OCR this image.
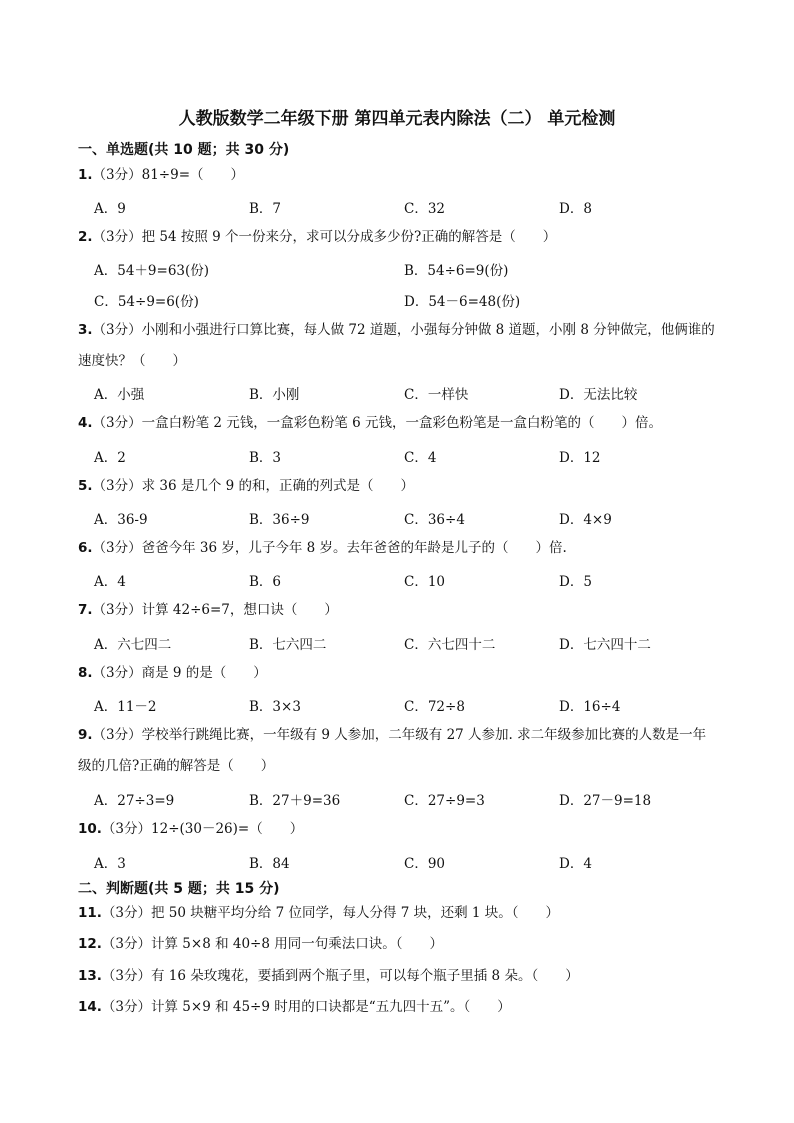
人教版数学二年级下册 第四单元表内除法（二） 单元检测
一、单选题(共 10 题；共 30 分)
1.（3分）81÷9=（　　）
A．9	B．7	C．32	D．8
2.（3分）把 54 按照 9 个一份来分，求可以分成多少份?正确的解答是（　　）
A．54＋9=63(份)	B．54÷6=9(份)
C．54÷9=6(份)	D．54－6=48(份)
3.（3分）小刚和小强进行口算比赛，每人做 72 道题，小强每分钟做 8 道题，小刚 8 分钟做完，他俩谁的速度快？（　　）
A．小强	B．小刚	C．一样快	D．无法比较
4.（3分）一盒白粉笔 2 元钱，一盒彩色粉笔 6 元钱，一盒彩色粉笔是一盒白粉笔的（　　）倍。
A．2	B．3	C．4	D．12
5.（3分）求 36 是几个 9 的和，正确的列式是（　　）
A．36-9	B．36÷9	C．36÷4	D．4×9
6.（3分）爸爸今年 36 岁，儿子今年 8 岁。去年爸爸的年龄是儿子的（　　）倍.
A．4	B．6	C．10	D．5
7.（3分）计算 42÷6=7，想口诀（　　）
A．六七四二	B．七六四二	C．六七四十二	D．七六四十二
8.（3分）商是 9 的是（　　）
A．11－2	B．3×3	C．72÷8	D．16÷4
9.（3分）学校举行跳绳比赛，一年级有 9 人参加，二年级有 27 人参加. 求二年级参加比赛的人数是一年级的几倍?正确的解答是（　　）
A．27÷3=9	B．27＋9=36	C．27÷9=3	D．27－9=18
10.（3分）12÷(30－26)=（　　）
A．3	B．84	C．90	D．4
二、判断题(共 5 题；共 15 分)
11.（3分）把 50 块糖平均分给 7 位同学，每人分得 7 块，还剩 1 块。（　　）
12.（3分）计算 5×8 和 40÷8 用同一句乘法口诀。（　　）
13.（3分）有 16 朵玫瑰花，要插到两个瓶子里，可以每个瓶子里插 8 朵。（　　）
14.（3分）计算 5×9 和 45÷9 时用的口诀都是“五九四十五”。（　　）
